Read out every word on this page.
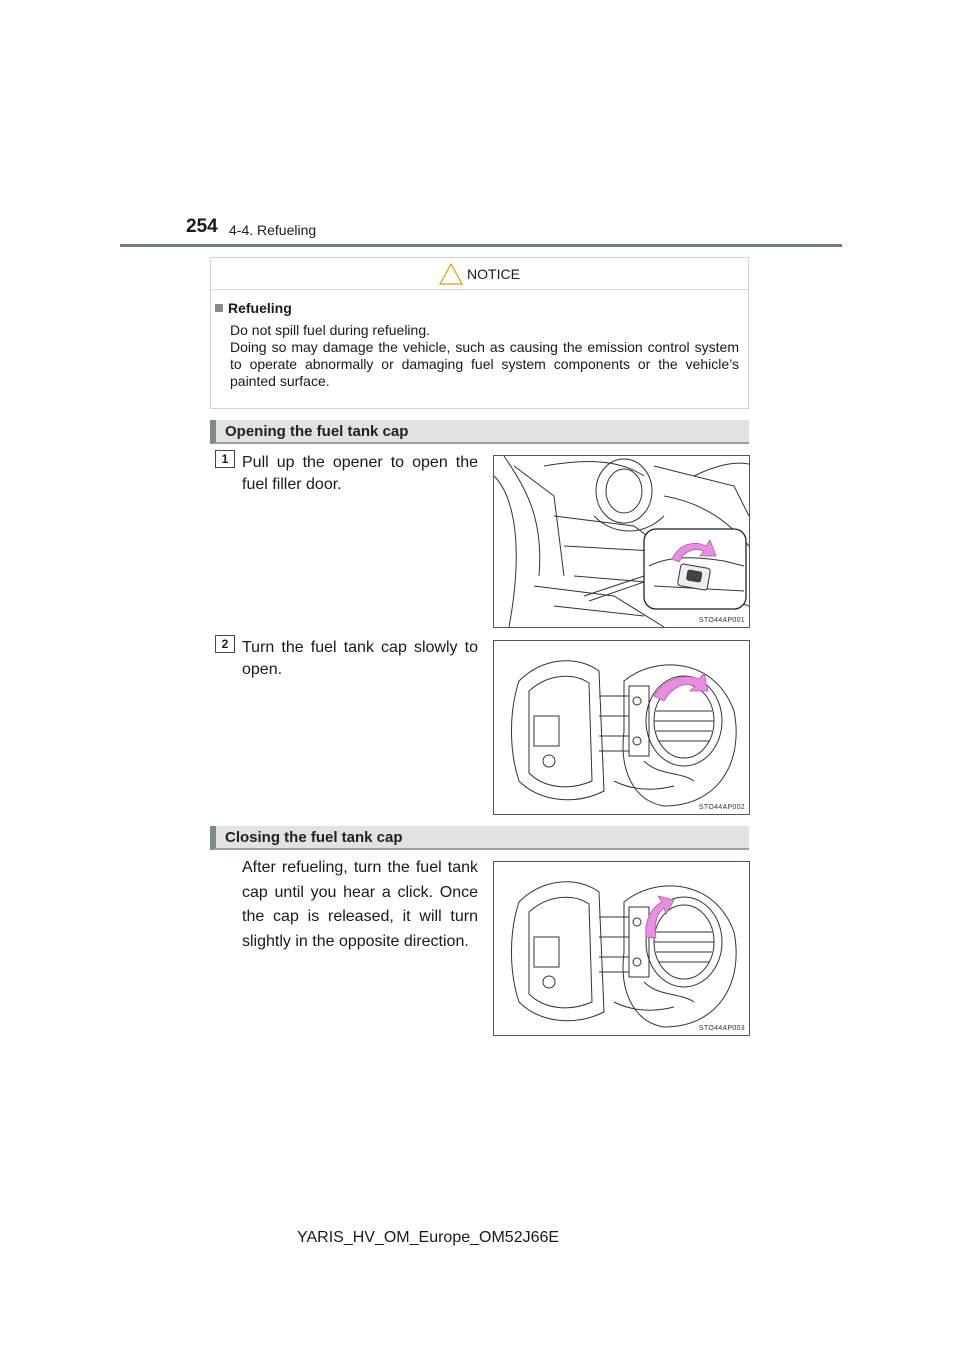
254 4-4. Refueling
NOTICE
Refueling

Do not spill fuel during refueling.

Doing so may damage the vehicle, such as causing the emission control system to operate abnormally or damaging fuel system components or the vehicle’s painted surface.

Opening the fuel tank cap
1 Pull up the opener to open the fuel filler door.
STO44AP001
2 Turn the fuel tank cap slowly to open.
STO44AP002
Closing the fuel tank cap
After refueling, turn the fuel tank cap until you hear a click. Once the cap is released, it will turn slightly in the opposite direction.
STO44AP003
YARIS_HV_OM_Europe_OM52J66E
